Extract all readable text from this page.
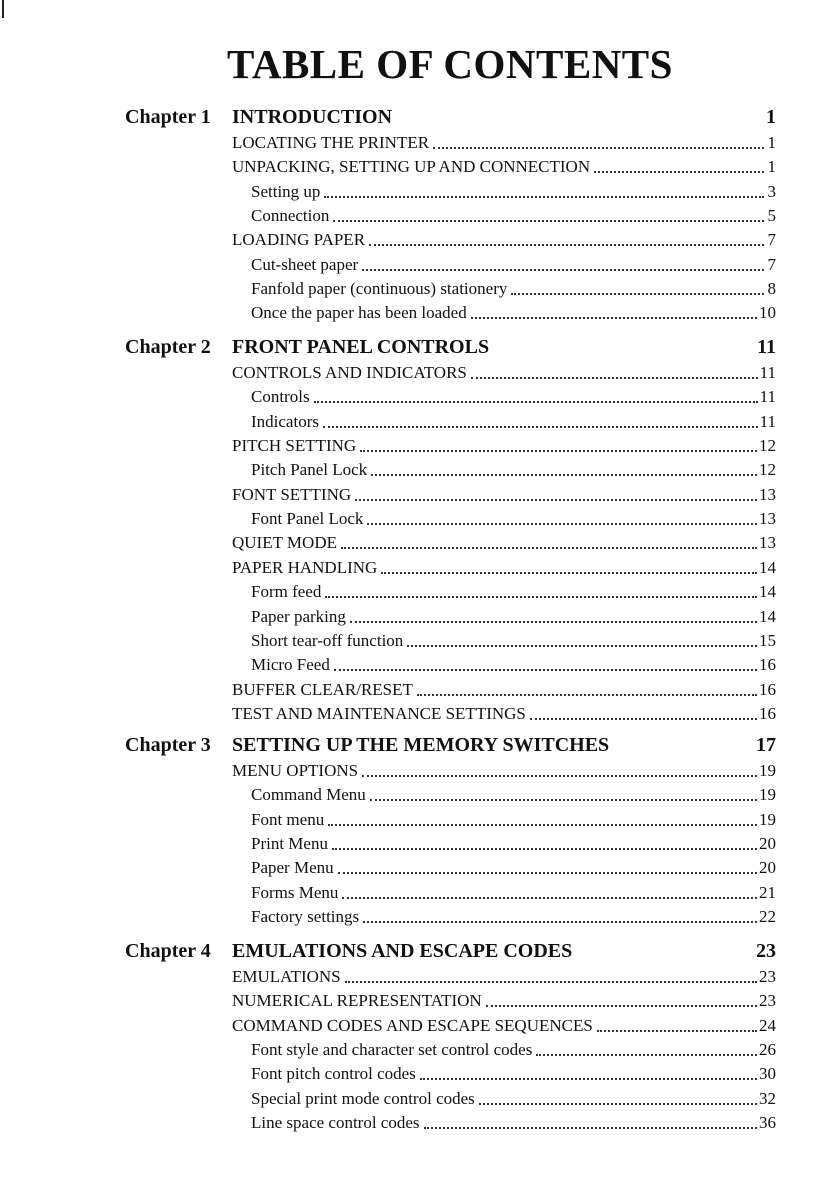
TABLE OF CONTENTS
Chapter 1	INTRODUCTION	1
LOCATING THE PRINTER	1
UNPACKING, SETTING UP AND CONNECTION	1
Setting up	3
Connection	5
LOADING PAPER	7
Cut-sheet paper	7
Fanfold paper (continuous) stationery	8
Once the paper has been loaded	10
Chapter 2	FRONT PANEL CONTROLS	11
CONTROLS AND INDICATORS	11
Controls	11
Indicators	11
PITCH SETTING	12
Pitch Panel Lock	12
FONT SETTING	13
Font Panel Lock	13
QUIET MODE	13
PAPER HANDLING	14
Form feed	14
Paper parking	14
Short tear-off function	15
Micro Feed	16
BUFFER CLEAR/RESET	16
TEST AND MAINTENANCE SETTINGS	16
Chapter 3	SETTING UP THE MEMORY SWITCHES	17
MENU OPTIONS	19
Command Menu	19
Font menu	19
Print Menu	20
Paper Menu	20
Forms Menu	21
Factory settings	22
Chapter 4	EMULATIONS AND ESCAPE CODES	23
EMULATIONS	23
NUMERICAL REPRESENTATION	23
COMMAND CODES AND ESCAPE SEQUENCES	24
Font style and character set control codes	26
Font pitch control codes	30
Special print mode control codes	32
Line space control codes	36
